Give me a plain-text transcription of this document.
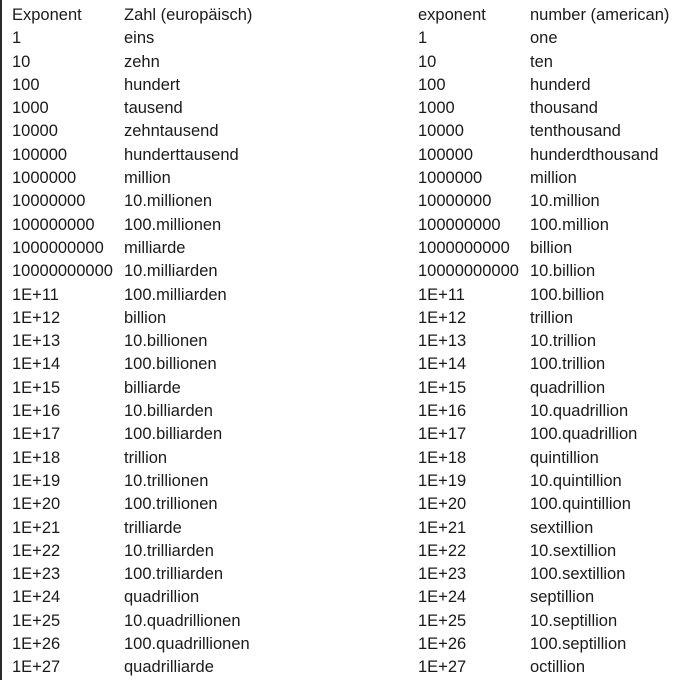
Exponent	Zahl (europäisch)	exponent	number (american)
1	eins	1	one
10	zehn	10	ten
100	hundert	100	hunderd
1000	tausend	1000	thousand
10000	zehntausend	10000	tenthousand
100000	hunderttausend	100000	hunderdthousand
1000000	million	1000000	million
10000000 10.millionen	10000000 10.million
100000000 100.millionen	100000000 100.million
1000000000 milliarde	1000000000 billion
10000000000 10.milliarden	10000000000 10.billion
1E+11	100.milliarden	1E+11	100.billion
1E+12	billion	1E+12	trillion
1E+13	10.billionen	1E+13	10.trillion
1E+14	100.billionen	1E+14	100.trillion
1E+15	billiarde	1E+15	quadrillion
1E+16	10.billiarden	1E+16	10.quadrillion
1E+17	100.billiarden	1E+17	100.quadrillion
1E+18	trillion	1E+18	quintillion
1E+19	10.trillionen	1E+19	10.quintillion
1E+20	100.trillionen	1E+20	100.quintillion
1E+21	trilliarde	1E+21	sextillion
1E+22	10.trilliarden	1E+22	10.sextillion
1E+23	100.trilliarden	1E+23	100.sextillion
1E+24	quadrillion	1E+24	septillion
1E+25	10.quadrillionen	1E+25	10.septillion
1E+26	100.quadrillionen	1E+26	100.septillion
1E+27	quadrilliarde	1E+27	octillion
